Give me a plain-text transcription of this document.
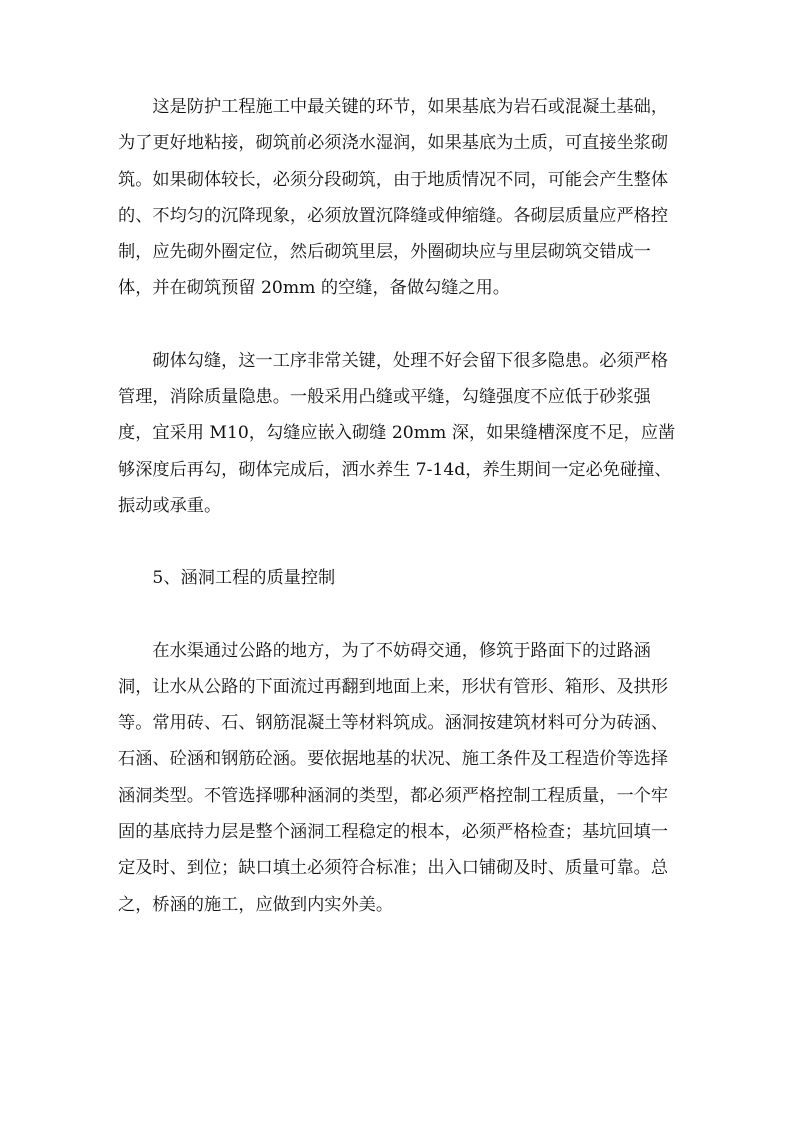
这是防护工程施工中最关键的环节，如果基底为岩石或混凝土基础，为了更好地粘接，砌筑前必须浇水湿润，如果基底为土质，可直接坐浆砌筑。如果砌体较长，必须分段砌筑，由于地质情况不同，可能会产生整体的、不均匀的沉降现象，必须放置沉降缝或伸缩缝。各砌层质量应严格控制，应先砌外圈定位，然后砌筑里层，外圈砌块应与里层砌筑交错成一体，并在砌筑预留 20mm 的空缝，备做勾缝之用。

砌体勾缝，这一工序非常关键，处理不好会留下很多隐患。必须严格管理，消除质量隐患。一般采用凸缝或平缝，勾缝强度不应低于砂浆强度，宜采用 M10，勾缝应嵌入砌缝 20mm 深，如果缝槽深度不足，应凿够深度后再勾，砌体完成后，洒水养生 7-14d，养生期间一定必免碰撞、振动或承重。

5、涵洞工程的质量控制

在水渠通过公路的地方，为了不妨碍交通，修筑于路面下的过路涵洞，让水从公路的下面流过再翻到地面上来，形状有管形、箱形、及拱形等。常用砖、石、钢筋混凝土等材料筑成。涵洞按建筑材料可分为砖涵、石涵、砼涵和钢筋砼涵。要依据地基的状况、施工条件及工程造价等选择涵洞类型。不管选择哪种涵洞的类型，都必须严格控制工程质量，一个牢固的基底持力层是整个涵洞工程稳定的根本，必须严格检查；基坑回填一定及时、到位；缺口填土必须符合标准；出入口铺砌及时、质量可靠。总之，桥涵的施工，应做到内实外美。
